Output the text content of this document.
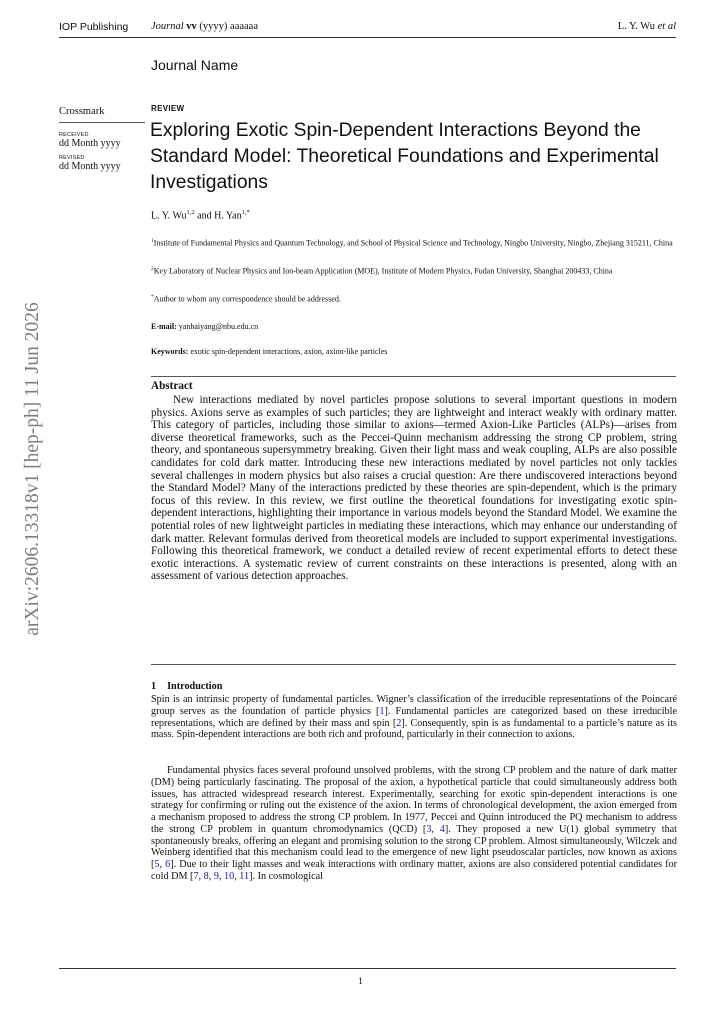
IOP Publishing Journal vv (yyyy) aaaaaa	L. Y. Wu et al
Journal Name
Crossmark
RECEIVED
dd Month yyyy
REVISED
dd Month yyyy
arXiv:2606.13318v1 [hep-ph] 11 Jun 2026
REVIEW
Exploring Exotic Spin-Dependent Interactions Beyond the Standard Model: Theoretical Foundations and Experimental Investigations
L. Y. Wu$^{1,2}$ and H. Yan$^{1,*}$
$^1$Institute of Fundamental Physics and Quantum Technology, and School of Physical Science and Technology, Ningbo University, Ningbo, Zhejiang 315211, China
$^2$Key Laboratory of Nuclear Physics and Ion-beam Application (MOE), Institute of Modern Physics, Fudan University, Shanghai 200433, China
*Author to whom any correspondence should be addressed.
E-mail: yanhaiyang@nbu.edu.cn
Keywords: exotic spin-dependent interactions, axion, axion-like particles
Abstract
New interactions mediated by novel particles propose solutions to several important questions in modern physics. Axions serve as examples of such particles; they are lightweight and interact weakly with ordinary matter. This category of particles, including those similar to axions—termed Axion-Like Particles (ALPs)—arises from diverse theoretical frameworks, such as the Peccei-Quinn mechanism addressing the strong CP problem, string theory, and spontaneous supersymmetry breaking. Given their light mass and weak coupling, ALPs are also possible candidates for cold dark matter. Introducing these new interactions mediated by novel particles not only tackles several challenges in modern physics but also raises a crucial question: Are there undiscovered interactions beyond the Standard Model? Many of the interactions predicted by these theories are spin-dependent, which is the primary focus of this review. In this review, we first outline the theoretical foundations for investigating exotic spin-dependent interactions, highlighting their importance in various models beyond the Standard Model. We examine the potential roles of new lightweight particles in mediating these interactions, which may enhance our understanding of dark matter. Relevant formulas derived from theoretical models are included to support experimental investigations. Following this theoretical framework, we conduct a detailed review of recent experimental efforts to detect these exotic interactions. A systematic review of current constraints on these interactions is presented, along with an assessment of various detection approaches.
1 Introduction
Spin is an intrinsic property of fundamental particles. Wigner’s classification of the irreducible representations of the Poincaré group serves as the foundation of particle physics [1]. Fundamental particles are categorized based on these irreducible representations, which are defined by their mass and spin [2]. Consequently, spin is as fundamental to a particle’s nature as its mass. Spin-dependent interactions are both rich and profound, particularly in their connection to axions.
Fundamental physics faces several profound unsolved problems, with the strong CP problem and the nature of dark matter (DM) being particularly fascinating. The proposal of the axion, a hypothetical particle that could simultaneously address both issues, has attracted widespread research interest. Experimentally, searching for exotic spin-dependent interactions is one strategy for confirming or ruling out the existence of the axion. In terms of chronological development, the axion emerged from a mechanism proposed to address the strong CP problem. In 1977, Peccei and Quinn introduced the PQ mechanism to address the strong CP problem in quantum chromodynamics (QCD) [3, 4]. They proposed a new U(1) global symmetry that spontaneously breaks, offering an elegant and promising solution to the strong CP problem. Almost simultaneously, Wilczek and Weinberg identified that this mechanism could lead to the emergence of new light pseudoscalar particles, now known as axions [5, 6]. Due to their light masses and weak interactions with ordinary matter, axions are also considered potential candidates for cold DM [7, 8, 9, 10, 11]. In cosmological
1
